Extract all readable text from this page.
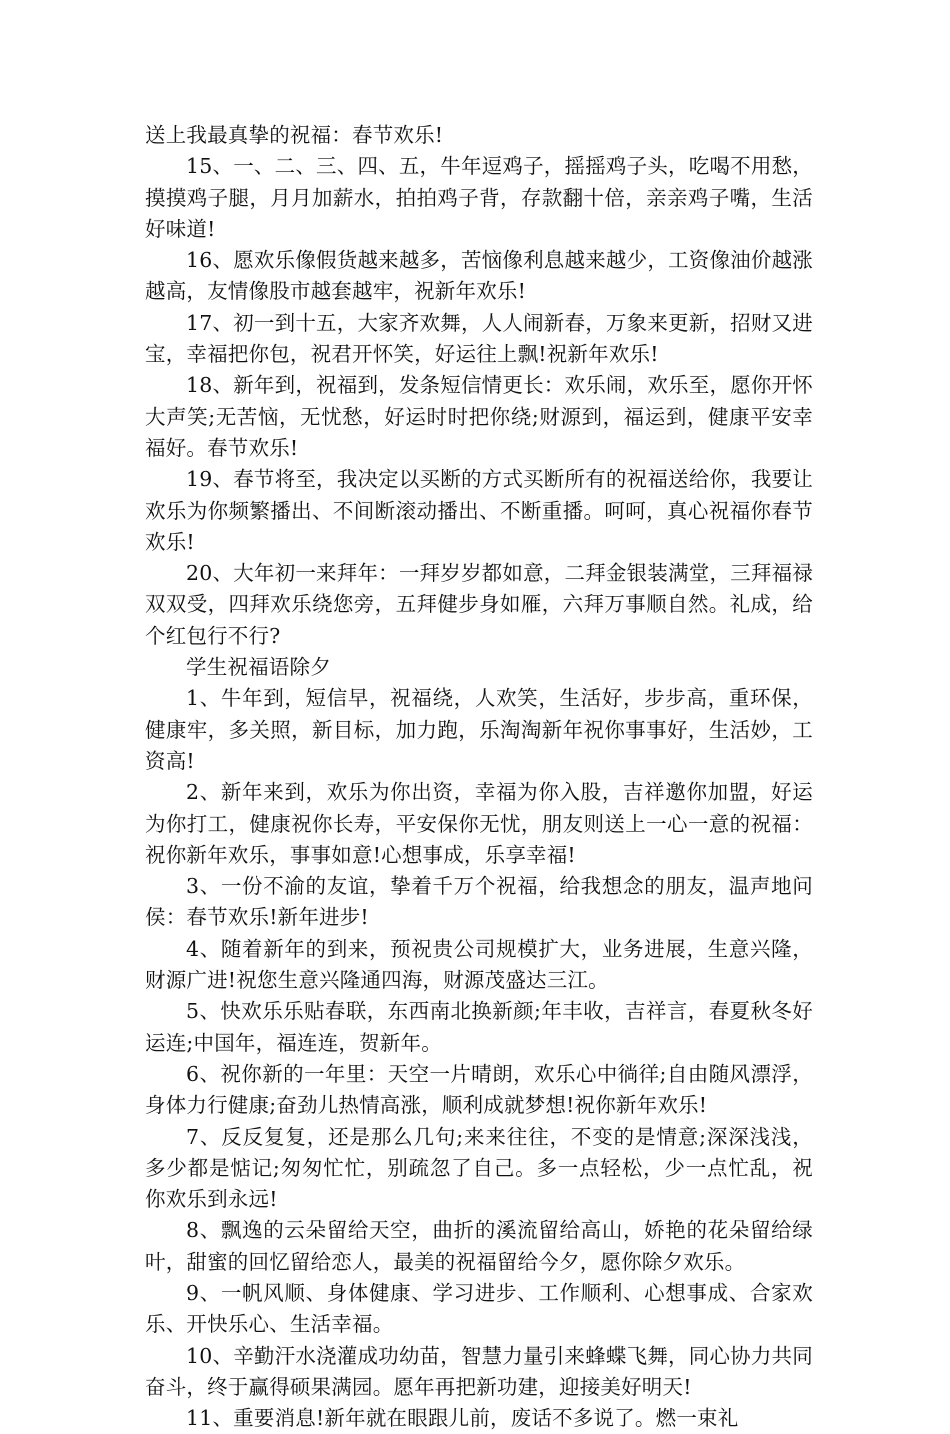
送上我最真挚的祝福：春节欢乐!

15、一、二、三、四、五，牛年逗鸡子，摇摇鸡子头，吃喝不用愁，摸摸鸡子腿，月月加薪水，拍拍鸡子背，存款翻十倍，亲亲鸡子嘴，生活好味道!

16、愿欢乐像假货越来越多，苦恼像利息越来越少，工资像油价越涨越高，友情像股市越套越牢，祝新年欢乐!

17、初一到十五，大家齐欢舞，人人闹新春，万象来更新，招财又进宝，幸福把你包，祝君开怀笑，好运往上飘!祝新年欢乐!

18、新年到，祝福到，发条短信情更长：欢乐闹，欢乐至，愿你开怀大声笑;无苦恼，无忧愁，好运时时把你绕;财源到，福运到，健康平安幸福好。春节欢乐!

19、春节将至，我决定以买断的方式买断所有的祝福送给你，我要让欢乐为你频繁播出、不间断滚动播出、不断重播。呵呵，真心祝福你春节欢乐!

20、大年初一来拜年：一拜岁岁都如意，二拜金银装满堂，三拜福禄双双受，四拜欢乐绕您旁，五拜健步身如雁，六拜万事顺自然。礼成，给个红包行不行?

学生祝福语除夕

1、牛年到，短信早，祝福绕，人欢笑，生活好，步步高，重环保，健康牢，多关照，新目标，加力跑，乐淘淘新年祝你事事好，生活妙，工资高!

2、新年来到，欢乐为你出资，幸福为你入股，吉祥邀你加盟，好运为你打工，健康祝你长寿，平安保你无忧，朋友则送上一心一意的祝福：祝你新年欢乐，事事如意!心想事成，乐享幸福!

3、一份不渝的友谊，挚着千万个祝福，给我想念的朋友，温声地问侯：春节欢乐!新年进步!

4、随着新年的到来，预祝贵公司规模扩大，业务进展，生意兴隆，财源广进!祝您生意兴隆通四海，财源茂盛达三江。

5、快欢乐乐贴春联，东西南北换新颜;年丰收，吉祥言，春夏秋冬好运连;中国年，福连连，贺新年。

6、祝你新的一年里：天空一片晴朗，欢乐心中徜徉;自由随风漂浮，身体力行健康;奋劲儿热情高涨，顺利成就梦想!祝你新年欢乐!

7、反反复复，还是那么几句;来来往往，不变的是情意;深深浅浅，多少都是惦记;匆匆忙忙，别疏忽了自己。多一点轻松，少一点忙乱，祝你欢乐到永远!

8、飘逸的云朵留给天空，曲折的溪流留给高山，娇艳的花朵留给绿叶，甜蜜的回忆留给恋人，最美的祝福留给今夕，愿你除夕欢乐。

9、一帆风顺、身体健康、学习进步、工作顺利、心想事成、合家欢乐、开快乐心、生活幸福。

10、辛勤汗水浇灌成功幼苗，智慧力量引来蜂蝶飞舞，同心协力共同奋斗，终于赢得硕果满园。愿年再把新功建，迎接美好明天!

11、重要消息!新年就在眼跟儿前，废话不多说了。燃一束礼
